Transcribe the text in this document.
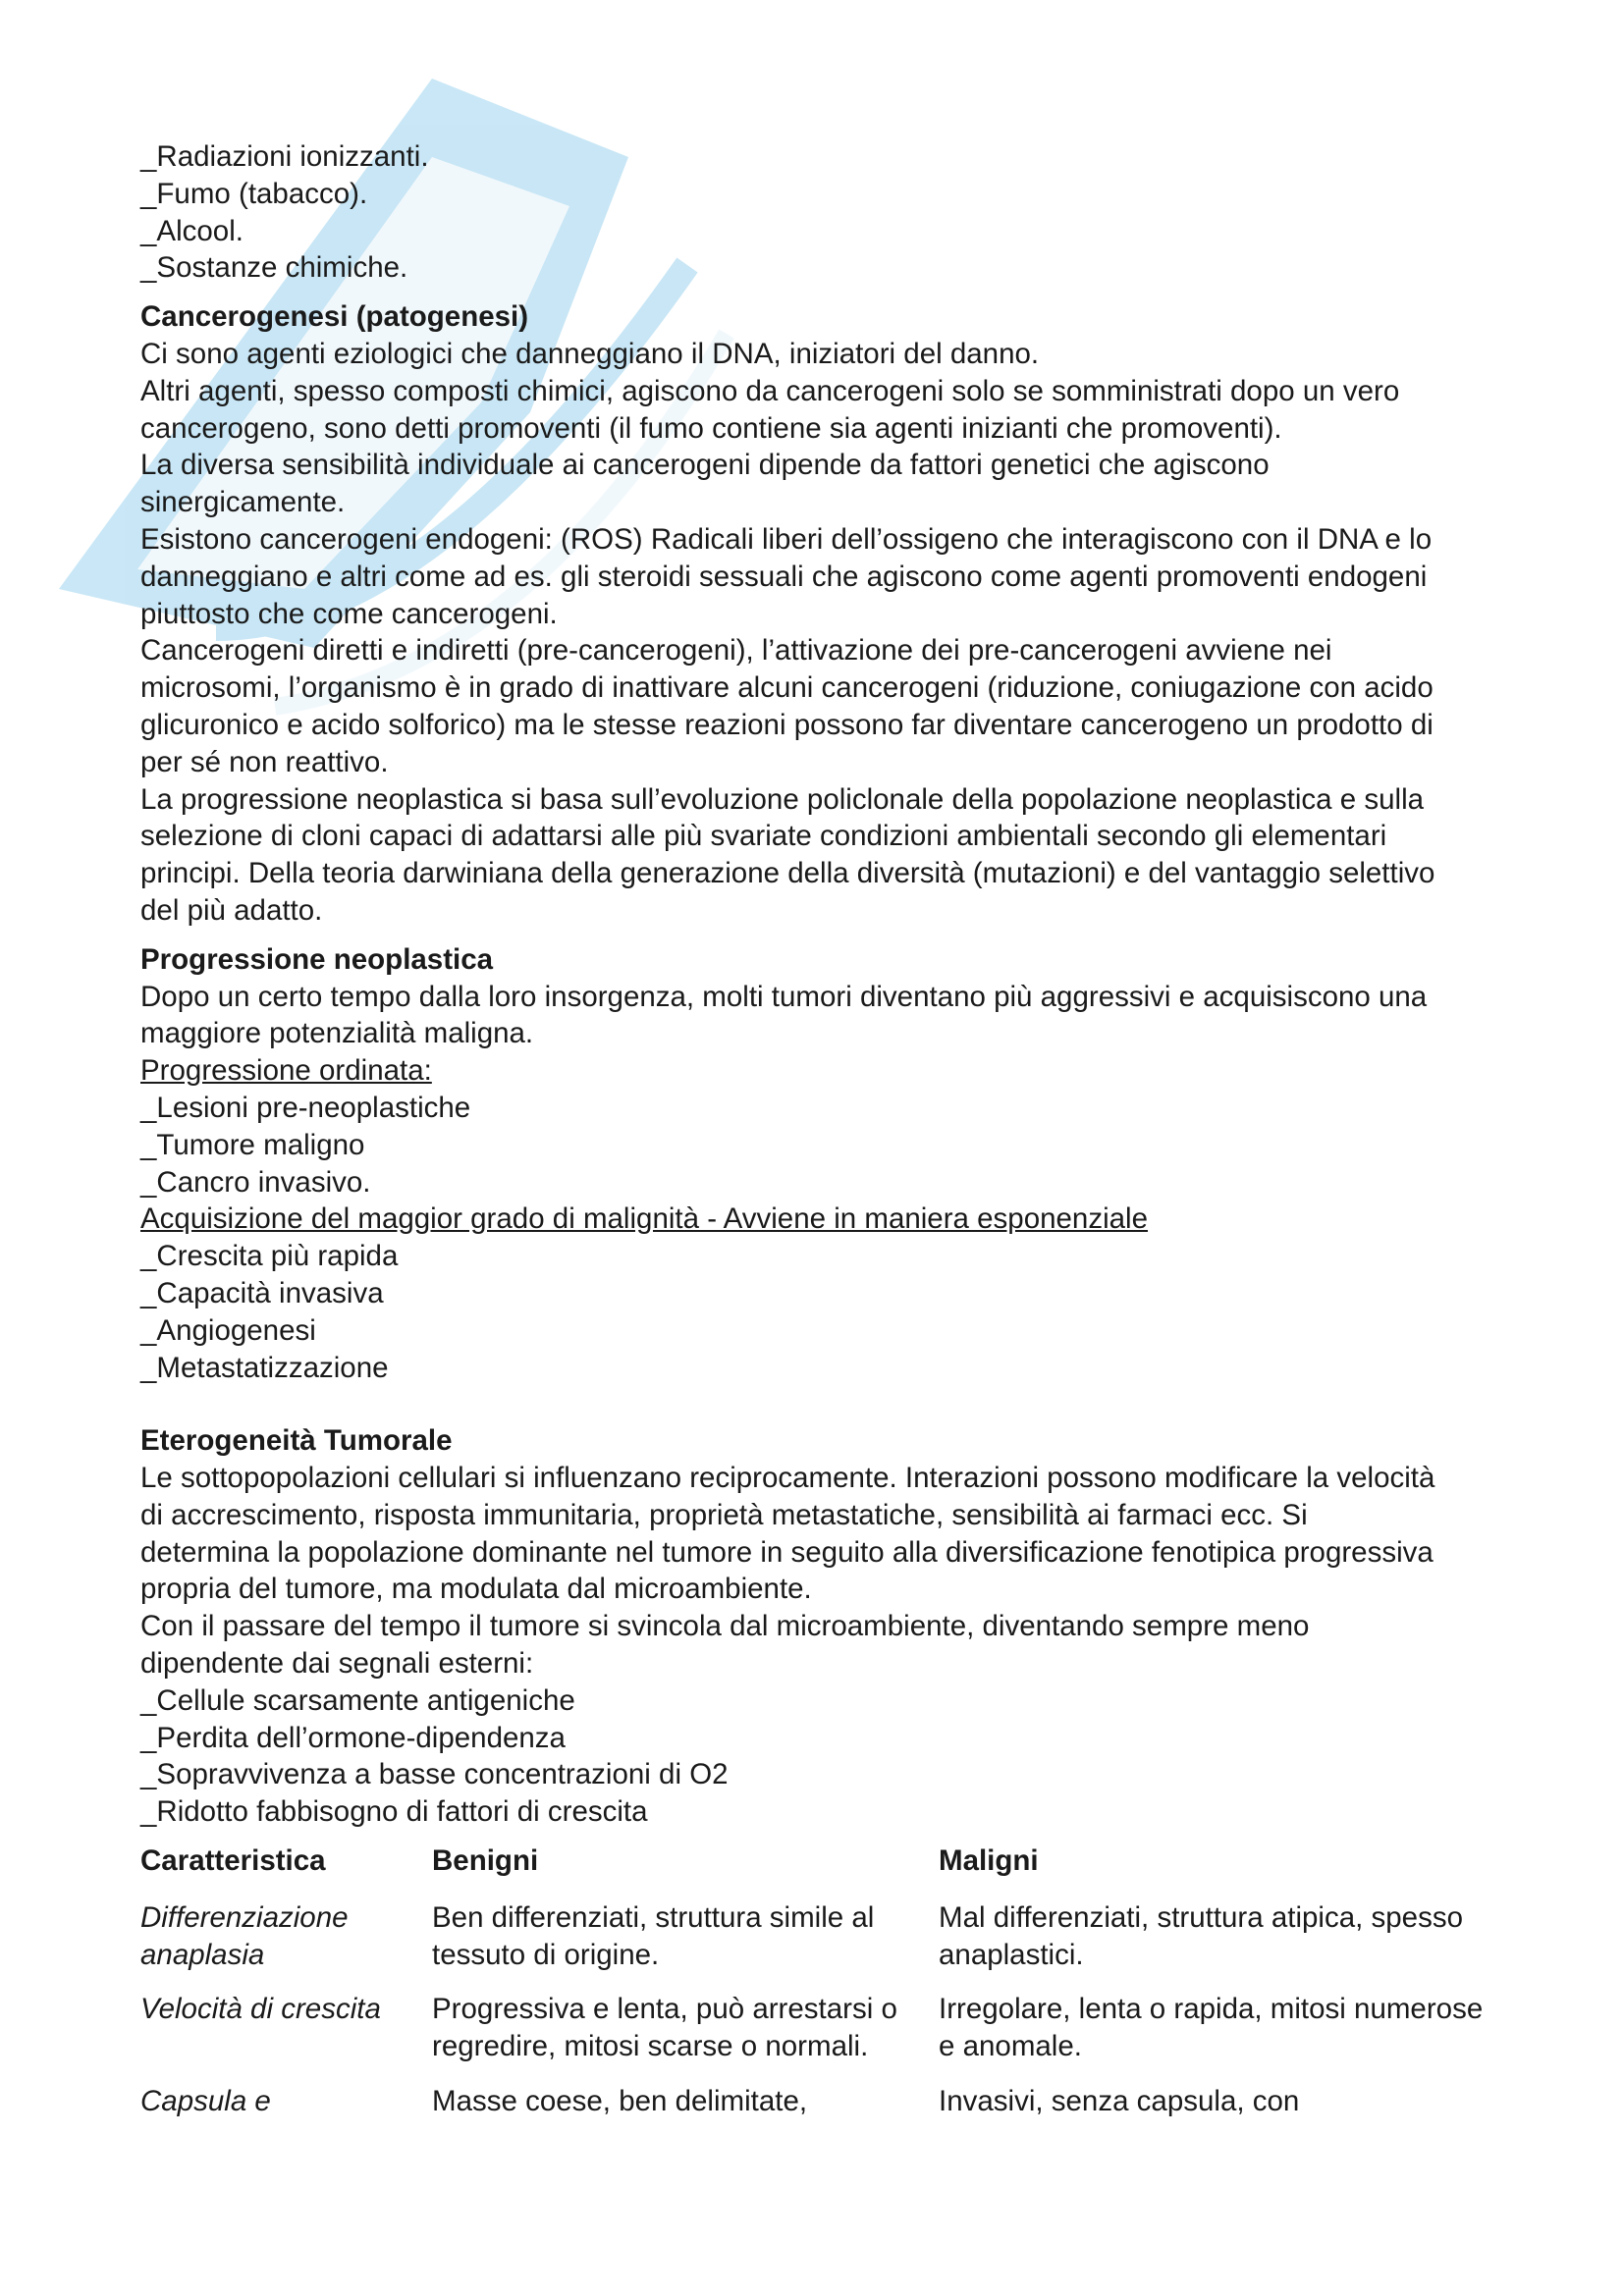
_Radiazioni ionizzanti.
_Fumo (tabacco).
_Alcool.
_Sostanze chimiche.
Cancerogenesi (patogenesi)
Ci sono agenti eziologici che danneggiano il DNA, iniziatori del danno.
Altri agenti, spesso composti chimici, agiscono da cancerogeni solo se somministrati dopo un vero
cancerogeno, sono detti promoventi (il fumo contiene sia agenti inizianti che promoventi).
La diversa sensibilità individuale ai cancerogeni dipende da fattori genetici che agiscono
sinergicamente.
Esistono cancerogeni endogeni: (ROS) Radicali liberi dell’ossigeno che interagiscono con il DNA e lo
danneggiano e altri come ad es. gli steroidi sessuali che agiscono come agenti promoventi endogeni
piuttosto che come cancerogeni.
Cancerogeni diretti e indiretti (pre-cancerogeni), l’attivazione dei pre-cancerogeni avviene nei
microsomi, l’organismo è in grado di inattivare alcuni cancerogeni (riduzione, coniugazione con acido
glicuronico e acido solforico) ma le stesse reazioni possono far diventare cancerogeno un prodotto di
per sé non reattivo.
La progressione neoplastica si basa sull’evoluzione policlonale della popolazione neoplastica e sulla
selezione di cloni capaci di adattarsi alle più svariate condizioni ambientali secondo gli elementari
principi. Della teoria darwiniana della generazione della diversità (mutazioni) e del vantaggio selettivo
del più adatto.
Progressione neoplastica
Dopo un certo tempo dalla loro insorgenza, molti tumori diventano più aggressivi e acquisiscono una
maggiore potenzialità maligna.
Progressione ordinata:
_Lesioni pre-neoplastiche
_Tumore maligno
_Cancro invasivo.
Acquisizione del maggior grado di malignità - Avviene in maniera esponenziale
_Crescita più rapida
_Capacità invasiva
_Angiogenesi
_Metastatizzazione
Eterogeneità Tumorale
Le sottopopolazioni cellulari si influenzano reciprocamente. Interazioni possono modificare la velocità
di accrescimento, risposta immunitaria, proprietà metastatiche, sensibilità ai farmaci ecc. Si
determina la popolazione dominante nel tumore in seguito alla diversificazione fenotipica progressiva
propria del tumore, ma modulata dal microambiente.
Con il passare del tempo il tumore si svincola dal microambiente, diventando sempre meno
dipendente dai segnali esterni:
_Cellule scarsamente antigeniche
_Perdita dell’ormone-dipendenza
_Sopravvivenza a basse concentrazioni di O2
_Ridotto fabbisogno di fattori di crescita
Caratteristica	Benigni	Maligni
Differenziazione anaplasia	Ben differenziati, struttura simile al tessuto di origine.	Mal differenziati, struttura atipica, spesso anaplastici.
Velocità di crescita	Progressiva e lenta, può arrestarsi o regredire, mitosi scarse o normali.	Irregolare, lenta o rapida, mitosi numerose e anomale.
Capsula e	Masse coese, ben delimitate,	Invasivi, senza capsula, con
